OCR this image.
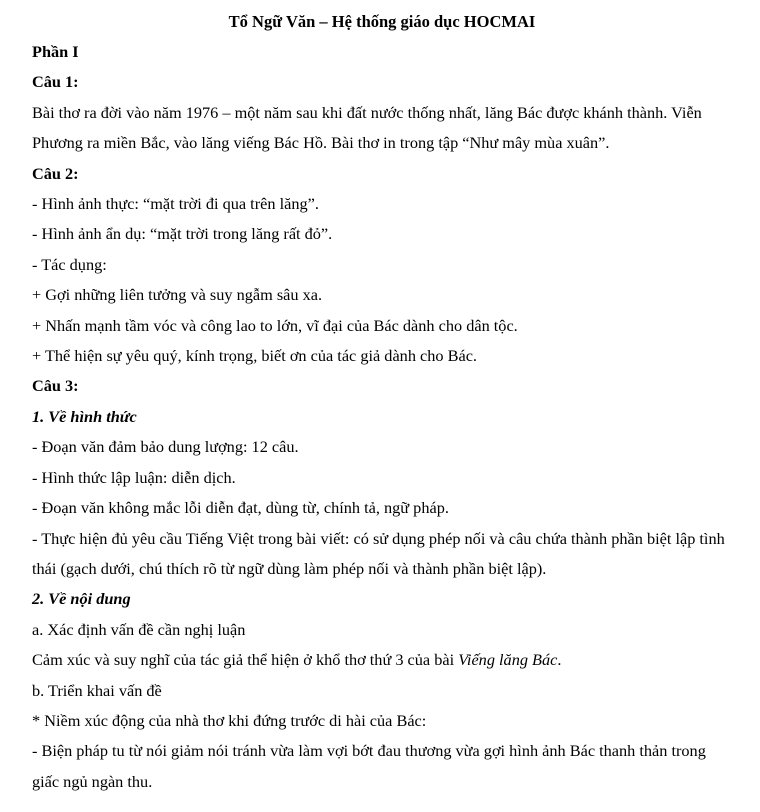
Tổ Ngữ Văn – Hệ thống giáo dục HOCMAI

Phần I

Câu 1:

Bài thơ ra đời vào năm 1976 – một năm sau khi đất nước thống nhất, lăng Bác được khánh thành. Viễn Phương ra miền Bắc, vào lăng viếng Bác Hồ. Bài thơ in trong tập “Như mây mùa xuân”.

Câu 2:

- Hình ảnh thực: “mặt trời đi qua trên lăng”.

- Hình ảnh ẩn dụ: “mặt trời trong lăng rất đỏ”.

- Tác dụng:

+ Gợi những liên tưởng và suy ngẫm sâu xa.

+ Nhấn mạnh tầm vóc và công lao to lớn, vĩ đại của Bác dành cho dân tộc.

+ Thể hiện sự yêu quý, kính trọng, biết ơn của tác giả dành cho Bác.

Câu 3:

1. Về hình thức

- Đoạn văn đảm bảo dung lượng: 12 câu.

- Hình thức lập luận: diễn dịch.

- Đoạn văn không mắc lỗi diễn đạt, dùng từ, chính tả, ngữ pháp.

- Thực hiện đủ yêu cầu Tiếng Việt trong bài viết: có sử dụng phép nối và câu chứa thành phần biệt lập tình thái (gạch dưới, chú thích rõ từ ngữ dùng làm phép nối và thành phần biệt lập).

2. Về nội dung

a. Xác định vấn đề cần nghị luận

Cảm xúc và suy nghĩ của tác giả thể hiện ở khổ thơ thứ 3 của bài Viếng lăng Bác.

b. Triển khai vấn đề

* Niềm xúc động của nhà thơ khi đứng trước di hài của Bác:

- Biện pháp tu từ nói giảm nói tránh vừa làm vợi bớt đau thương vừa gợi hình ảnh Bác thanh thản trong giấc ngủ ngàn thu.
